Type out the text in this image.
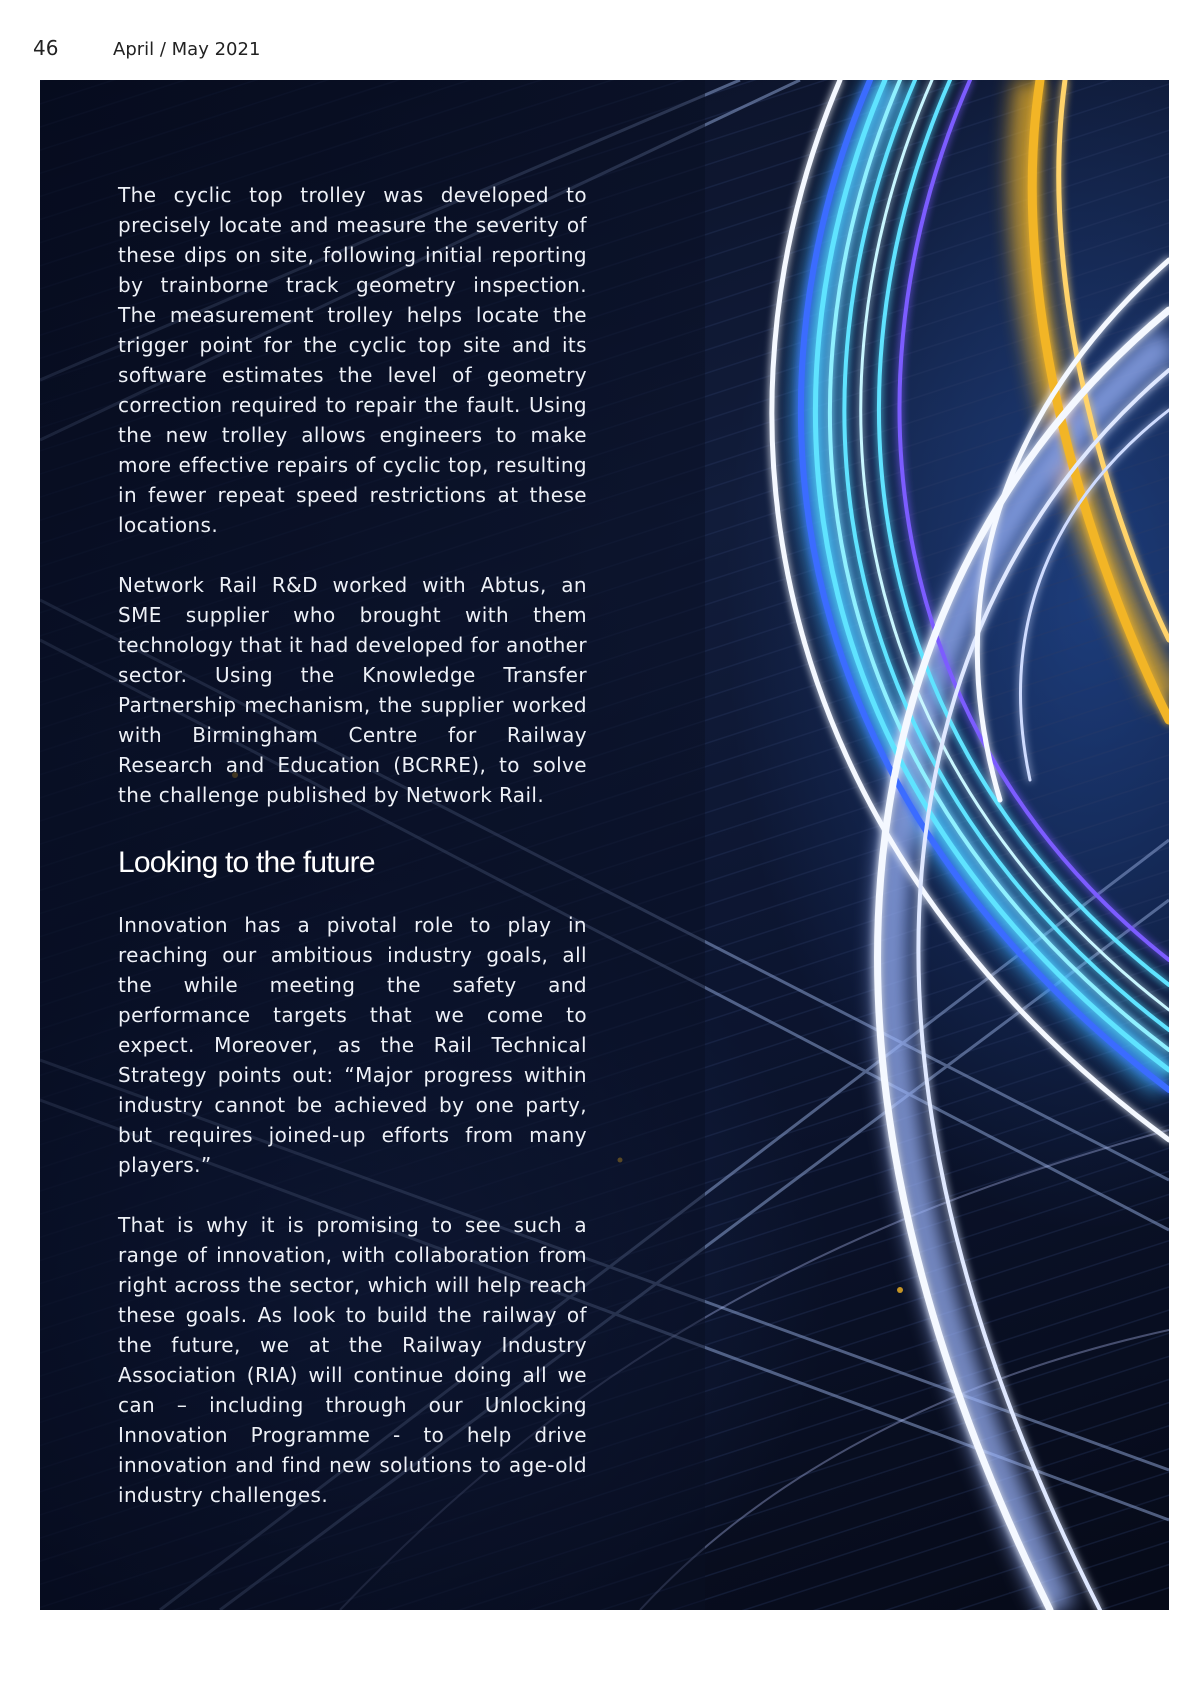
46	April / May 2021

The cyclic top trolley was developed to precisely locate and measure the severity of these dips on site, following initial reporting by trainborne track geometry inspection. The measurement trolley helps locate the trigger point for the cyclic top site and its software estimates the level of geometry correction required to repair the fault. Using the new trolley allows engineers to make more effective repairs of cyclic top, resulting in fewer repeat speed restrictions at these locations.

Network Rail R&D worked with Abtus, an SME supplier who brought with them technology that it had developed for another sector. Using the Knowledge Transfer Partnership mechanism, the supplier worked with Birmingham Centre for Railway Research and Education (BCRRE), to solve the challenge published by Network Rail.

Looking to the future

Innovation has a pivotal role to play in reaching our ambitious industry goals, all the while meeting the safety and performance targets that we come to expect. Moreover, as the Rail Technical Strategy points out: “Major progress within industry cannot be achieved by one party, but requires joined-up efforts from many players.”

That is why it is promising to see such a range of innovation, with collaboration from right across the sector, which will help reach these goals. As look to build the railway of the future, we at the Railway Industry Association (RIA) will continue doing all we can – including through our Unlocking Innovation Programme - to help drive innovation and find new solutions to age-old industry challenges.
